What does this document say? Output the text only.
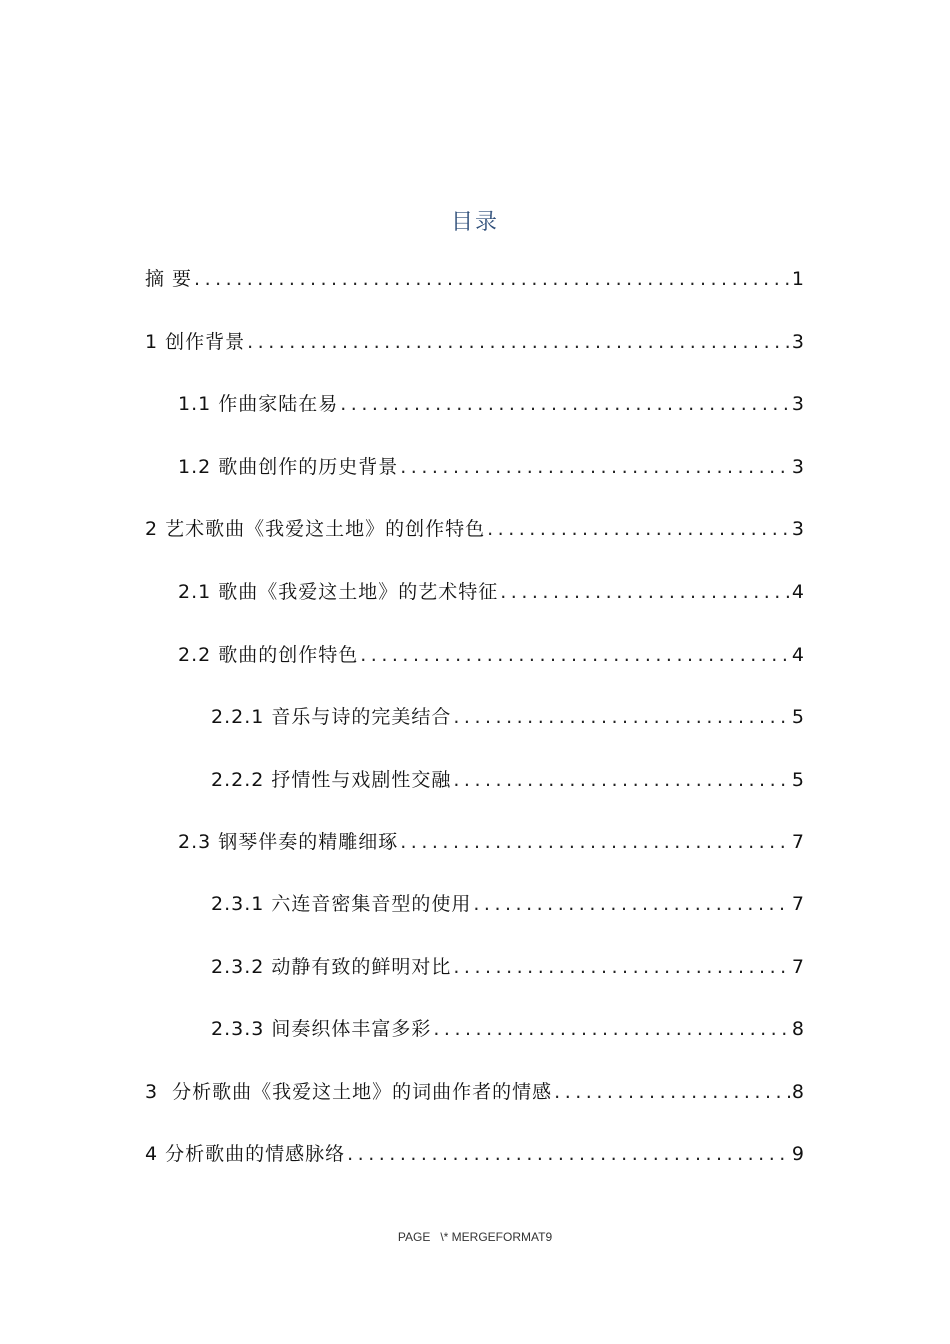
目录
摘 要 .....	1
1 创作背景 .....	3
1.1 作曲家陆在易 .....	3
1.2 歌曲创作的历史背景 .....	3
2 艺术歌曲《我爱这土地》的创作特色 .....	3
2.1 歌曲《我爱这土地》的艺术特征 .....	4
2.2 歌曲的创作特色 .....	4
2.2.1 音乐与诗的完美结合 .....	5
2.2.2 抒情性与戏剧性交融 .....	5
2.3 钢琴伴奏的精雕细琢 .....	7
2.3.1 六连音密集音型的使用 .....	7
2.3.2 动静有致的鲜明对比 .....	7
2.3.3 间奏织体丰富多彩 .....	8
3  分析歌曲《我爱这土地》的词曲作者的情感 .....	8
4 分析歌曲的情感脉络 .....	9
PAGE   \* MERGEFORMAT9
